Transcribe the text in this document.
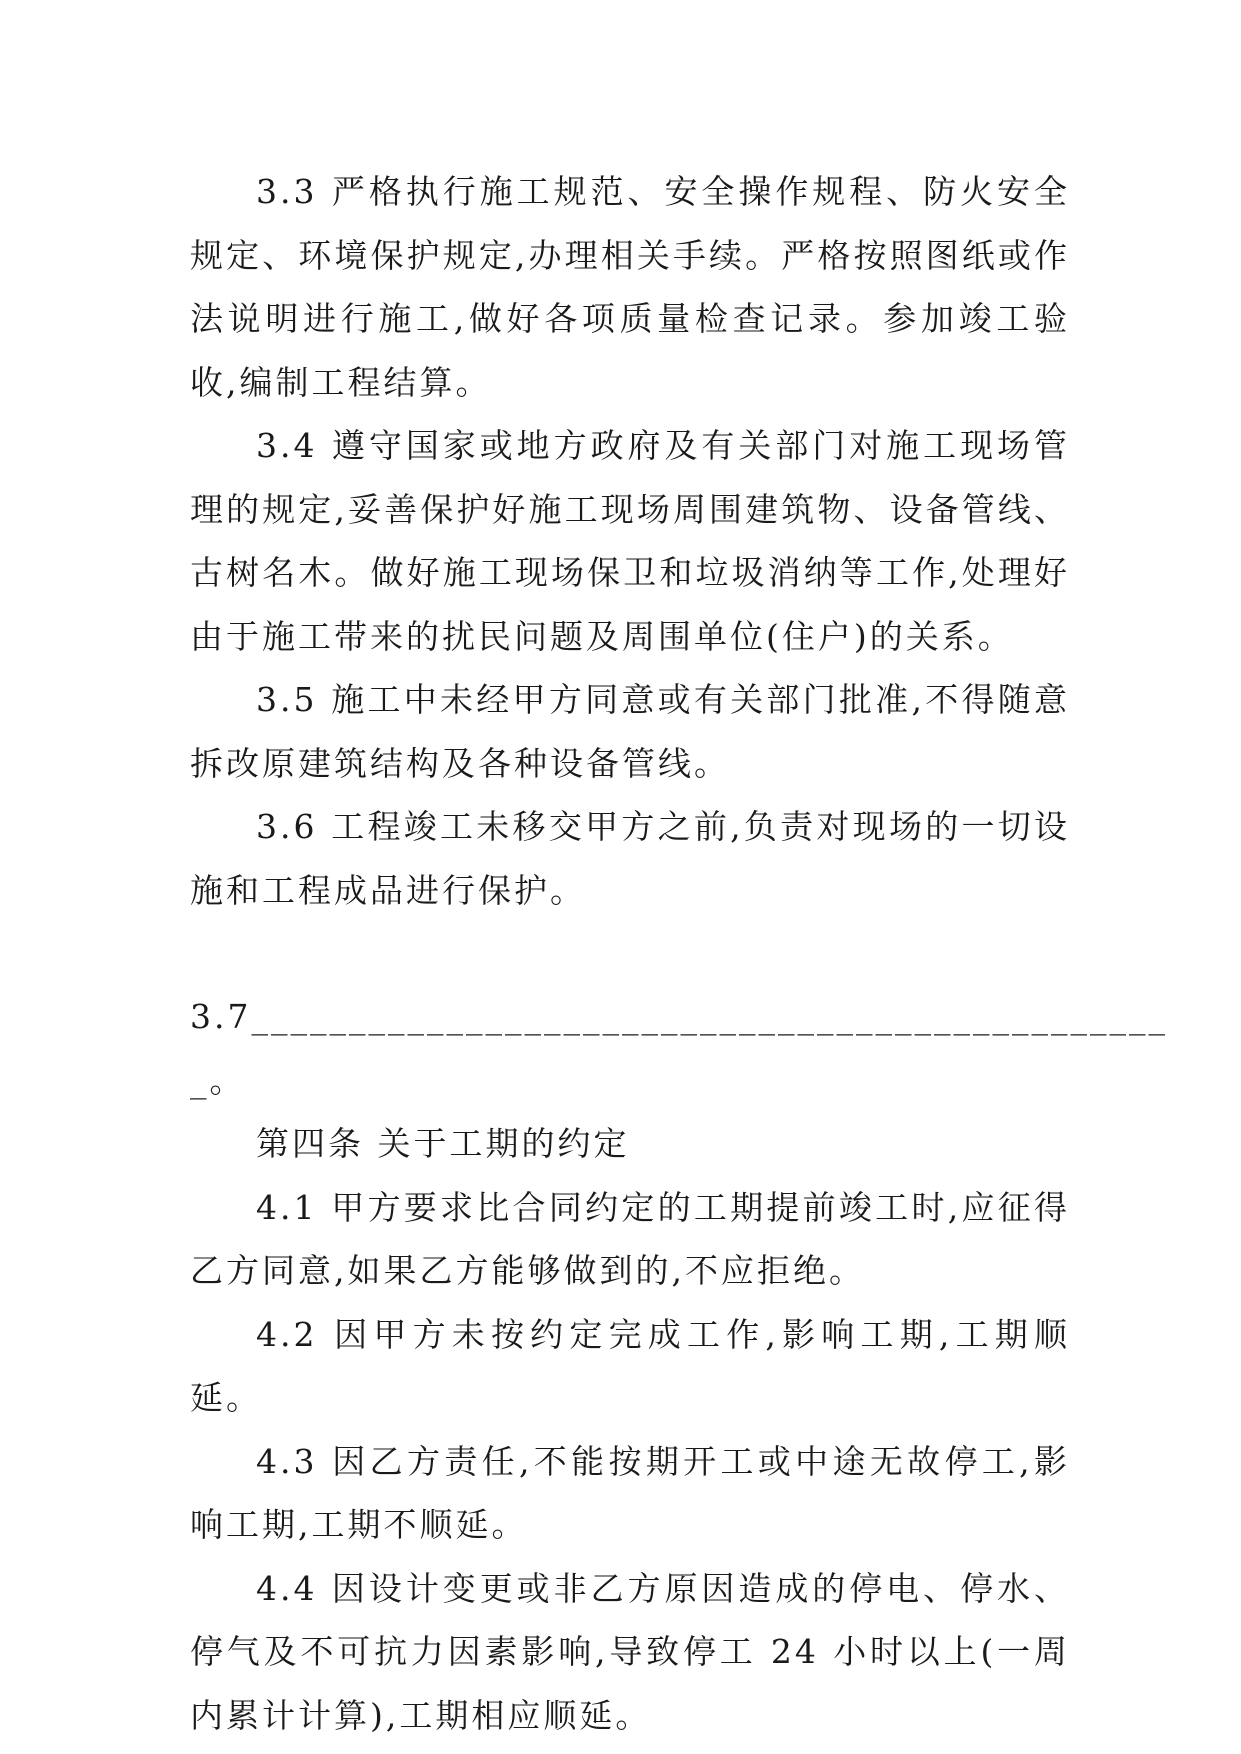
3.3 严格执行施工规范、安全操作规程、防火安全规定、环境保护规定,办理相关手续。严格按照图纸或作法说明进行施工,做好各项质量检查记录。参加竣工验收,编制工程结算。

3.4 遵守国家或地方政府及有关部门对施工现场管理的规定,妥善保护好施工现场周围建筑物、设备管线、古树名木。做好施工现场保卫和垃圾消纳等工作,处理好由于施工带来的扰民问题及周围单位(住户)的关系。

3.5 施工中未经甲方同意或有关部门批准,不得随意拆改原建筑结构及各种设备管线。

3.6 工程竣工未移交甲方之前,负责对现场的一切设施和工程成品进行保护。

3.7_______________________________________________

_。

第四条 关于工期的约定

4.1 甲方要求比合同约定的工期提前竣工时,应征得乙方同意,如果乙方能够做到的,不应拒绝。

4.2 因甲方未按约定完成工作,影响工期,工期顺延。

4.3 因乙方责任,不能按期开工或中途无故停工,影响工期,工期不顺延。

4.4 因设计变更或非乙方原因造成的停电、停水、停气及不可抗力因素影响,导致停工 24 小时以上(一周内累计计算),工期相应顺延。
